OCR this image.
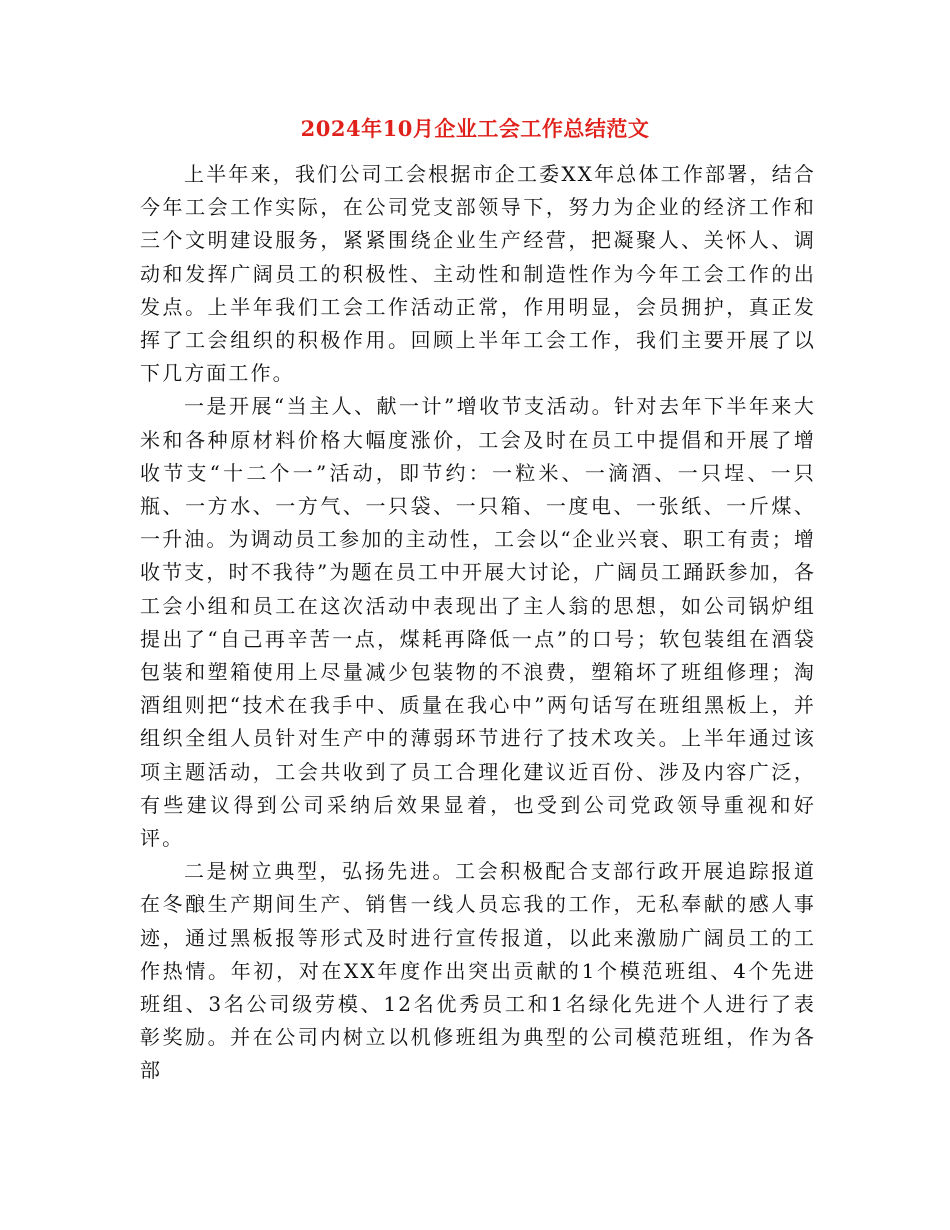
2024年10月企业工会工作总结范文

上半年来，我们公司工会根据市企工委XX年总体工作部署，结合今年工会工作实际，在公司党支部领导下，努力为企业的经济工作和三个文明建设服务，紧紧围绕企业生产经营，把凝聚人、关怀人、调动和发挥广阔员工的积极性、主动性和制造性作为今年工会工作的出发点。上半年我们工会工作活动正常，作用明显，会员拥护，真正发挥了工会组织的积极作用。回顾上半年工会工作，我们主要开展了以下几方面工作。

一是开展“当主人、献一计”增收节支活动。针对去年下半年来大米和各种原材料价格大幅度涨价，工会及时在员工中提倡和开展了增收节支“十二个一”活动，即节约：一粒米、一滴酒、一只埕、一只瓶、一方水、一方气、一只袋、一只箱、一度电、一张纸、一斤煤、一升油。为调动员工参加的主动性，工会以“企业兴衰、职工有责；增收节支，时不我待”为题在员工中开展大讨论，广阔员工踊跃参加，各工会小组和员工在这次活动中表现出了主人翁的思想，如公司锅炉组提出了“自己再辛苦一点，煤耗再降低一点”的口号；软包装组在酒袋包装和塑箱使用上尽量减少包装物的不浪费，塑箱坏了班组修理；淘酒组则把“技术在我手中、质量在我心中”两句话写在班组黑板上，并组织全组人员针对生产中的薄弱环节进行了技术攻关。上半年通过该项主题活动，工会共收到了员工合理化建议近百份、涉及内容广泛，有些建议得到公司采纳后效果显着，也受到公司党政领导重视和好评。

二是树立典型，弘扬先进。工会积极配合支部行政开展追踪报道在冬酿生产期间生产、销售一线人员忘我的工作，无私奉献的感人事迹，通过黑板报等形式及时进行宣传报道，以此来激励广阔员工的工作热情。年初，对在XX年度作出突出贡献的1个模范班组、4个先进班组、3名公司级劳模、12名优秀员工和1名绿化先进个人进行了表彰奖励。并在公司内树立以机修班组为典型的公司模范班组，作为各部
